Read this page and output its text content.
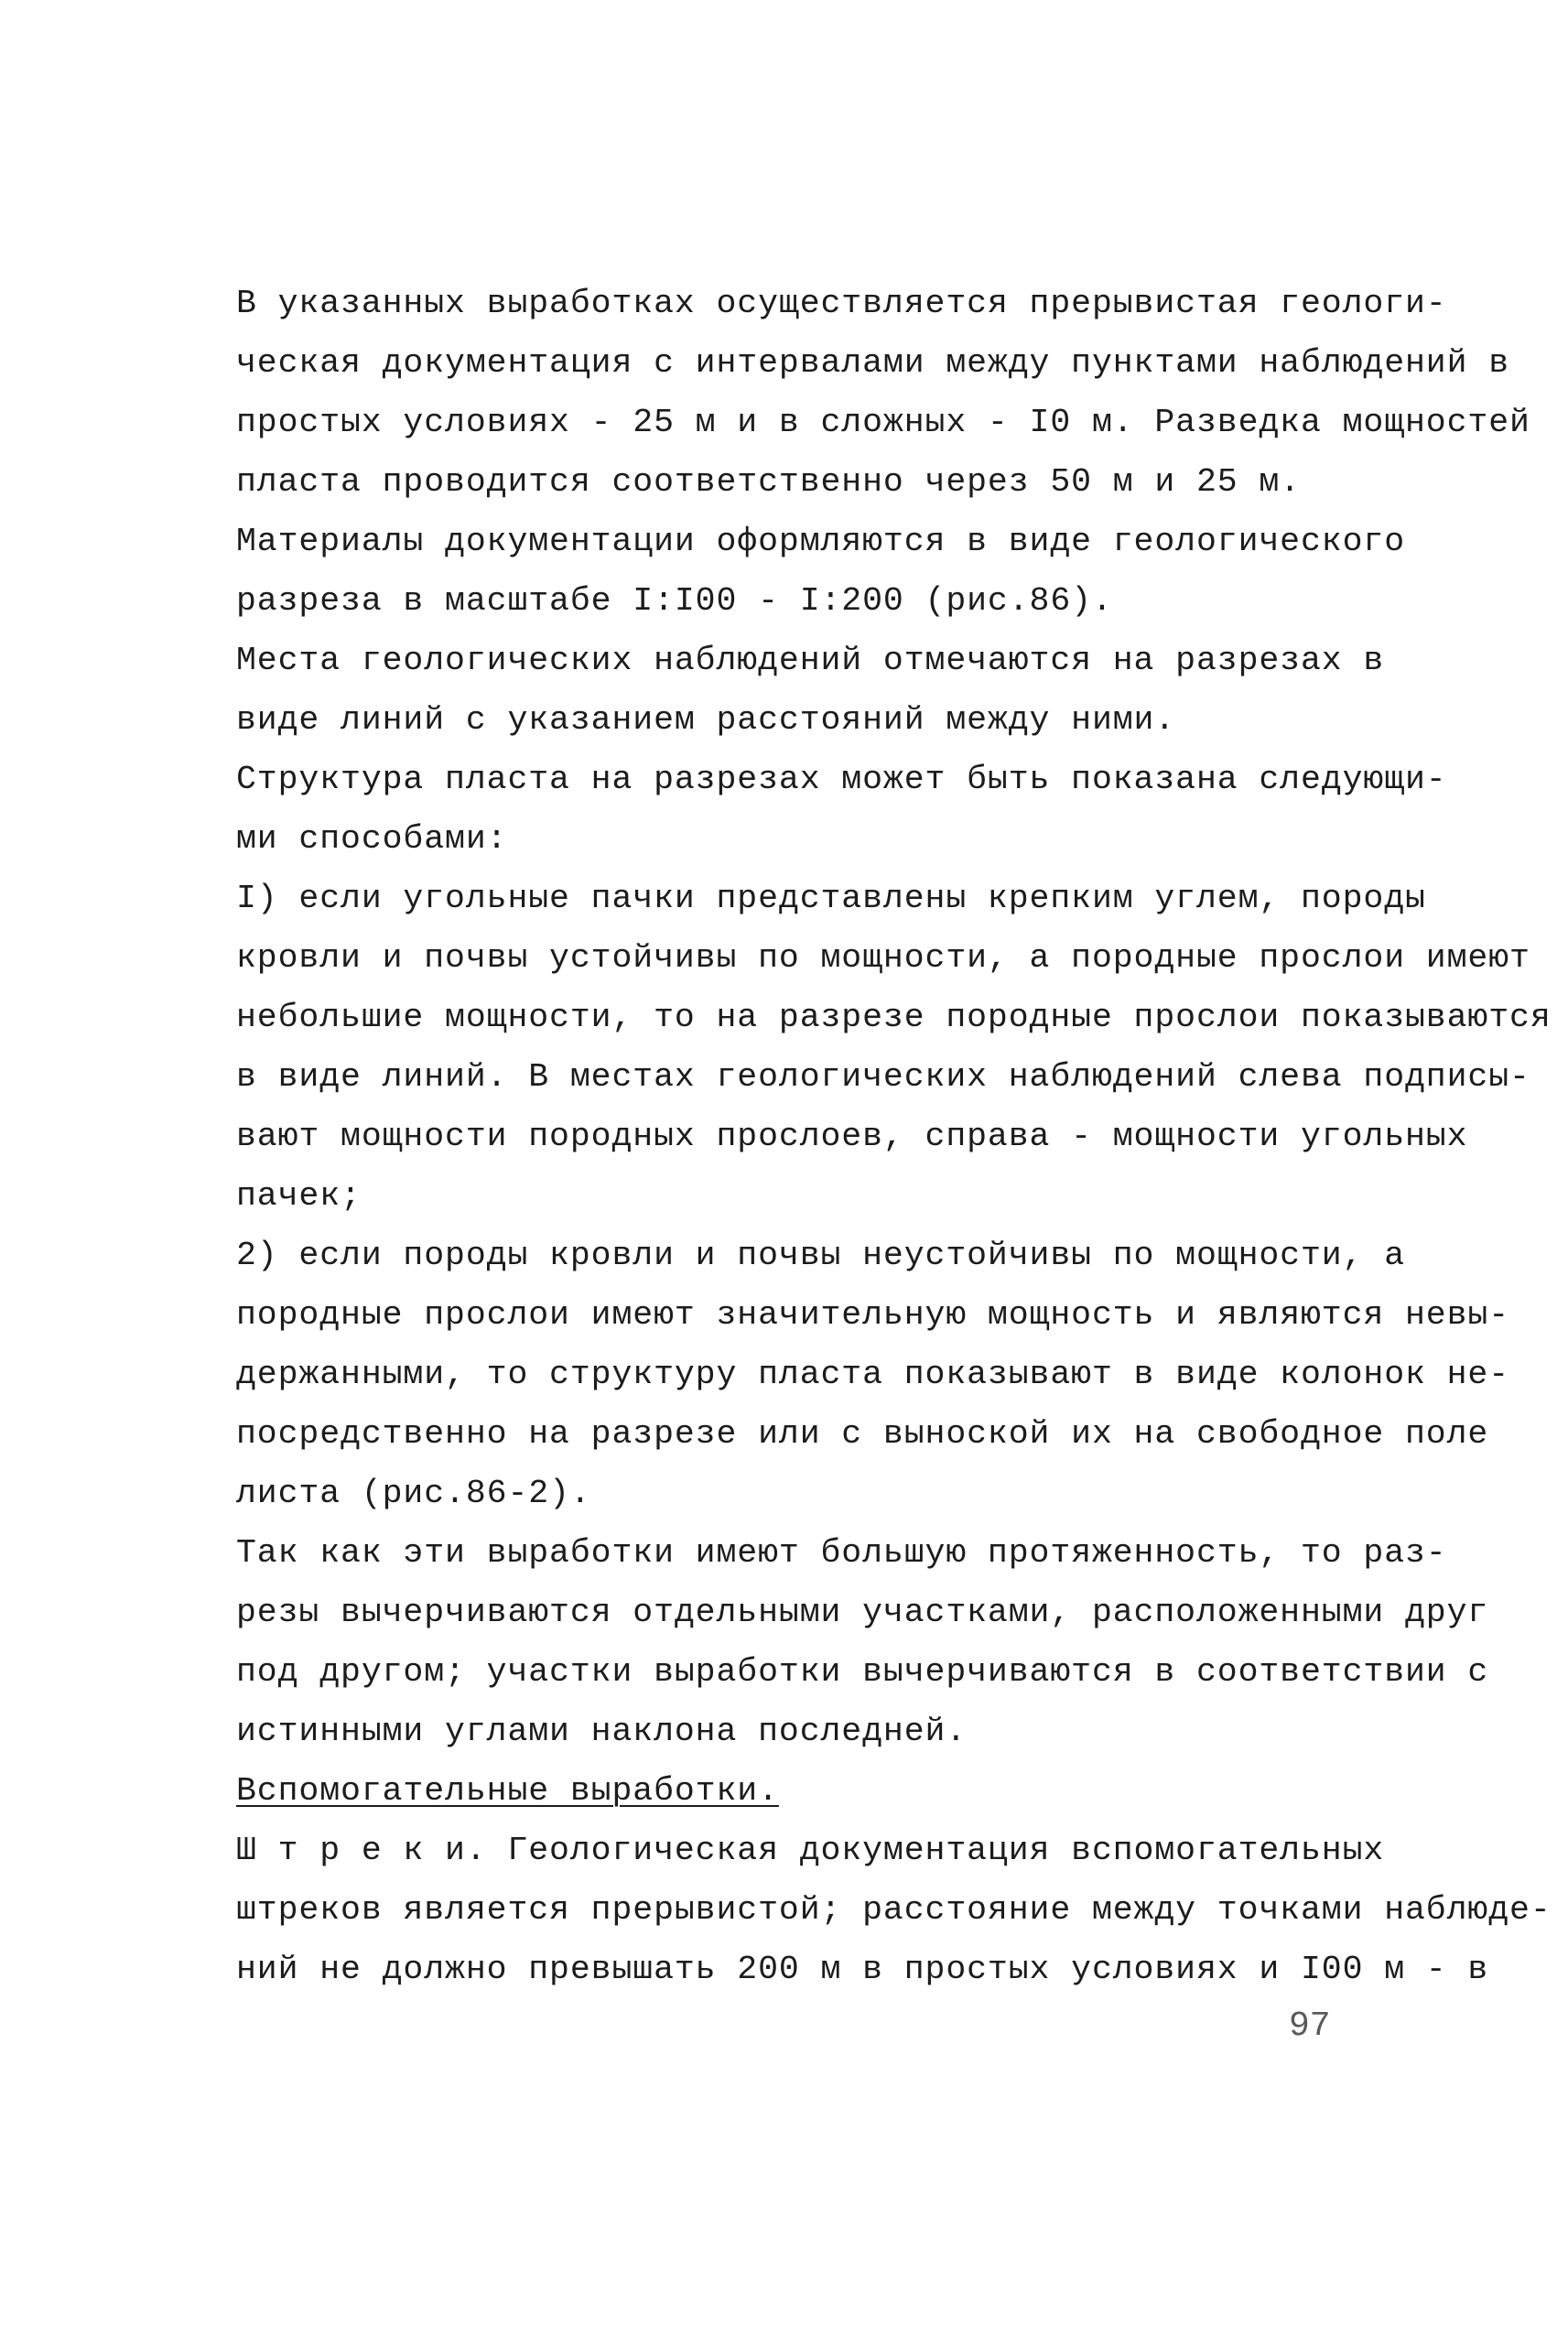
В указанных выработках осуществляется прерывистая геологи-
ческая документация с интервалами между пунктами наблюдений в
простых условиях - 25 м и в сложных - I0 м. Разведка мощностей
пласта проводится соответственно через 50 м и 25 м.
Материалы документации оформляются в виде геологического
разреза в масштабе I:I00 - I:200 (рис.86).
Места геологических наблюдений отмечаются на разрезах в
виде линий с указанием расстояний между ними.
Структура пласта на разрезах может быть показана следующи-
ми способами:
I) если угольные пачки представлены крепким углем, породы
кровли и почвы устойчивы по мощности, а породные прослои имеют
небольшие мощности, то на разрезе породные прослои показываются
в виде линий. В местах геологических наблюдений слева подписы-
вают мощности породных прослоев, справа - мощности угольных
пачек;
2) если породы кровли и почвы неустойчивы по мощности, а
породные прослои имеют значительную мощность и являются невы-
держанными, то структуру пласта показывают в виде колонок не-
посредственно на разрезе или с выноской их на свободное поле
листа (рис.86-2).
Так как эти выработки имеют большую протяженность, то раз-
резы вычерчиваются отдельными участками, расположенными друг
под другом; участки выработки вычерчиваются в соответствии с
истинными углами наклона последней.
Вспомогательные выработки.
Ш т р е к и. Геологическая документация вспомогательных
штреков является прерывистой; расстояние между точками наблюде-
ний не должно превышать 200 м в простых условиях и I00 м - в
97
